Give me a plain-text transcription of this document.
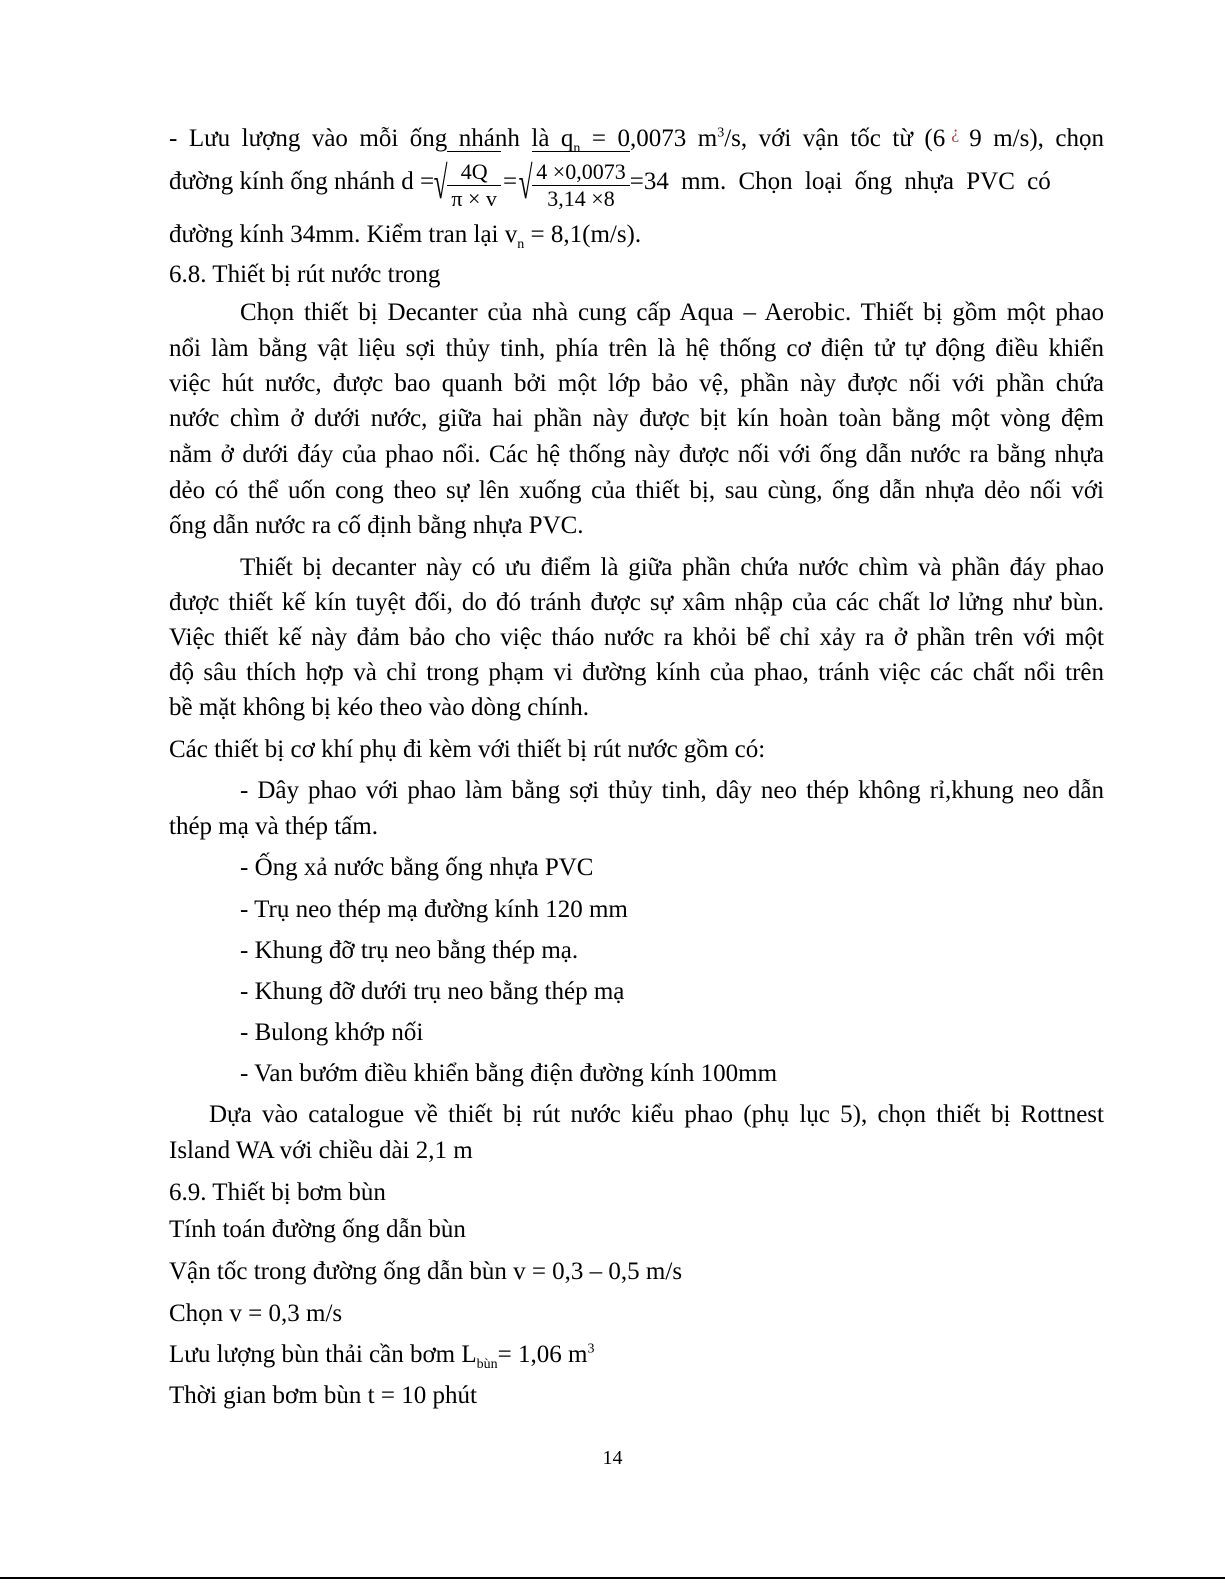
- Lưu lượng vào mỗi ống nhánh là $q_n = 0,0073$ $m^3/s$, với vận tốc từ (6 ¿ 9 m/s), chọn
đường kính ống nhánh d =√ $\frac{4Q}{\pi \times v}$ =√ $\frac{4 \times 0,0073}{3,14 \times 8} =34$ mm. Chọn loại ống nhựa PVC có
đường kính 34mm. Kiểm tran lại $v_n = 8,1(m/s)$.
6.8. Thiết bị rút nước trong
Chọn thiết bị Decanter của nhà cung cấp Aqua – Aerobic. Thiết bị gồm một phao
nổi làm bằng vật liệu sợi thủy tinh, phía trên là hệ thống cơ điện tử tự động điều khiển
việc hút nước, được bao quanh bởi một lớp bảo vệ, phần này được nối với phần chứa
nước chìm ở dưới nước, giữa hai phần này được bịt kín hoàn toàn bằng một vòng đệm
nằm ở dưới đáy của phao nổi. Các hệ thống này được nối với ống dẫn nước ra bằng nhựa
dẻo có thể uốn cong theo sự lên xuống của thiết bị, sau cùng, ống dẫn nhựa dẻo nối với
ống dẫn nước ra cố định bằng nhựa PVC.
Thiết bị decanter này có ưu điểm là giữa phần chứa nước chìm và phần đáy phao
được thiết kế kín tuyệt đối, do đó tránh được sự xâm nhập của các chất lơ lửng như bùn.
Việc thiết kế này đảm bảo cho việc tháo nước ra khỏi bể chỉ xảy ra ở phần trên với một
độ sâu thích hợp và chỉ trong phạm vi đường kính của phao, tránh việc các chất nổi trên
bề mặt không bị kéo theo vào dòng chính.
Các thiết bị cơ khí phụ đi kèm với thiết bị rút nước gồm có:
- Dây phao với phao làm bằng sợi thủy tinh, dây neo thép không rỉ,khung neo dẫn
thép mạ và thép tấm.
- Ống xả nước bằng ống nhựa PVC
- Trụ neo thép mạ đường kính 120 mm
- Khung đỡ trụ neo bằng thép mạ.
- Khung đỡ dưới trụ neo bằng thép mạ
- Bulong khớp nối
- Van bướm điều khiển bằng điện đường kính 100mm
Dựa vào catalogue về thiết bị rút nước kiểu phao (phụ lục 5), chọn thiết bị Rottnest
Island WA với chiều dài 2,1 m
6.9. Thiết bị bơm bùn
Tính toán đường ống dẫn bùn
Vận tốc trong đường ống dẫn bùn v = 0,3 – 0,5 m/s
Chọn v = 0,3 m/s
Lưu lượng bùn thải cần bơm $L_{bùn}= 1,06$ $m^3$
Thời gian bơm bùn t = 10 phút
14
